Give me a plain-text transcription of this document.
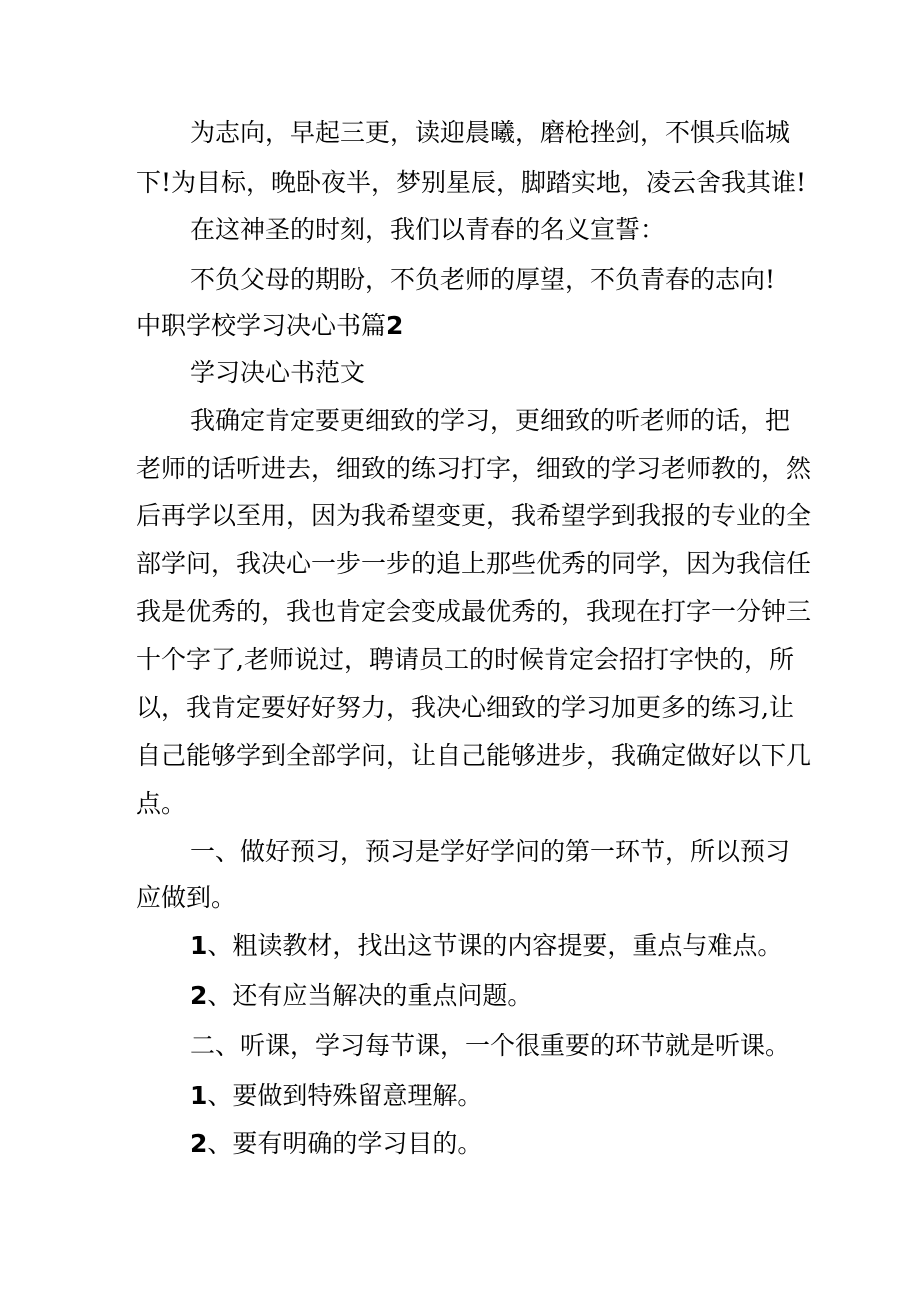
为志向，早起三更，读迎晨曦，磨枪挫剑，不惧兵临城

下!为目标，晚卧夜半，梦别星辰，脚踏实地，凌云舍我其谁!

在这神圣的时刻，我们以青春的名义宣誓：

不负父母的期盼，不负老师的厚望，不负青春的志向!

中职学校学习决心书篇2

学习决心书范文

我确定肯定要更细致的学习，更细致的听老师的话，把

老师的话听进去，细致的练习打字，细致的学习老师教的，然

后再学以至用，因为我希望变更，我希望学到我报的专业的全

部学问，我决心一步一步的追上那些优秀的同学，因为我信任

我是优秀的，我也肯定会变成最优秀的，我现在打字一分钟三

十个字了,老师说过，聘请员工的时候肯定会招打字快的，所

以，我肯定要好好努力，我决心细致的学习加更多的练习,让

自己能够学到全部学问，让自己能够进步，我确定做好以下几

点。

一、做好预习，预习是学好学问的第一环节，所以预习

应做到。

1、粗读教材，找出这节课的内容提要，重点与难点。

2、还有应当解决的重点问题。

二、听课，学习每节课，一个很重要的环节就是听课。

1、要做到特殊留意理解。

2、要有明确的学习目的。
